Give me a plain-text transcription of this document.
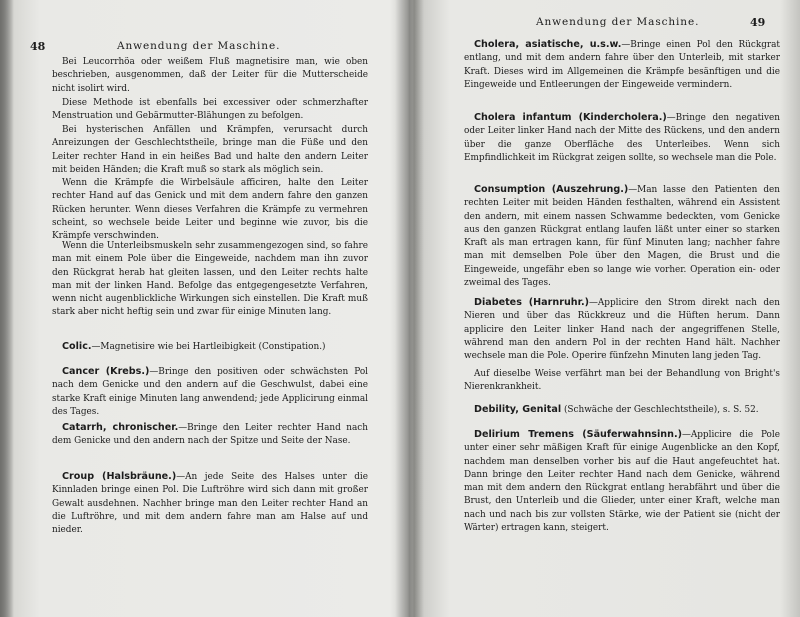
48	Anwendung der Maschine.
Bei Leucorrhöa oder weißem Fluß magnetisire man, wie oben beschrieben, ausgenommen, daß der Leiter für die Mutterscheide nicht isolirt wird.
Diese Methode ist ebenfalls bei excessiver oder schmerzhafter Menstruation und Gebärmutter-Blähungen zu befolgen.
Bei hysterischen Anfällen und Krämpfen, verursacht durch Anreizungen der Geschlechtstheile, bringe man die Füße und den Leiter rechter Hand in ein heißes Bad und halte den andern Leiter mit beiden Händen; die Kraft muß so stark als möglich sein.
Wenn die Krämpfe die Wirbelsäule afficiren, halte den Leiter rechter Hand auf das Genick und mit dem andern fahre den ganzen Rücken herunter. Wenn dieses Verfahren die Krämpfe zu vermehren scheint, so wechsele beide Leiter und beginne wie zuvor, bis die Krämpfe verschwinden.
Wenn die Unterleibsmuskeln sehr zusammengezogen sind, so fahre man mit einem Pole über die Eingeweide, nachdem man ihn zuvor den Rückgrat herab hat gleiten lassen, und den Leiter rechts halte man mit der linken Hand. Befolge das entgegengesetzte Verfahren, wenn nicht augenblickliche Wirkungen sich einstellen. Die Kraft muß stark aber nicht heftig sein und zwar für einige Minuten lang.
Colic.—Magnetisire wie bei Hartleibigkeit (Constipation.)
Cancer (Krebs.)—Bringe den positiven oder schwächsten Pol nach dem Genicke und den andern auf die Geschwulst, dabei eine starke Kraft einige Minuten lang anwendend; jede Applicirung einmal des Tages.
Catarrh, chronischer.—Bringe den Leiter rechter Hand nach dem Genicke und den andern nach der Spitze und Seite der Nase.
Croup (Halsbräune.)—An jede Seite des Halses unter die Kinnladen bringe einen Pol. Die Luftröhre wird sich dann mit großer Gewalt ausdehnen. Nachher bringe man den Leiter rechter Hand an die Luftröhre, und mit dem andern fahre man am Halse auf und nieder.
Anwendung der Maschine.	49
Cholera, asiatische, u.s.w.—Bringe einen Pol den Rückgrat entlang, und mit dem andern fahre über den Unterleib, mit starker Kraft. Dieses wird im Allgemeinen die Krämpfe besänftigen und die Eingeweide und Entleerungen der Eingeweide vermindern.
Cholera infantum (Kindercholera.)—Bringe den negativen oder Leiter linker Hand nach der Mitte des Rückens, und den andern über die ganze Oberfläche des Unterleibes. Wenn sich Empfindlichkeit im Rückgrat zeigen sollte, so wechsele man die Pole.
Consumption (Auszehrung.)—Man lasse den Patienten den rechten Leiter mit beiden Händen festhalten, während ein Assistent den andern, mit einem nassen Schwamme bedeckten, vom Genicke aus den ganzen Rückgrat entlang laufen läßt unter einer so starken Kraft als man ertragen kann, für fünf Minuten lang; nachher fahre man mit demselben Pole über den Magen, die Brust und die Eingeweide, ungefähr eben so lange wie vorher. Operation ein- oder zweimal des Tages.
Diabetes (Harnruhr.)—Applicire den Strom direkt nach den Nieren und über das Rückkreuz und die Hüften herum. Dann applicire den Leiter linker Hand nach der angegriffenen Stelle, während man den andern Pol in der rechten Hand hält. Nachher wechsele man die Pole. Operire fünfzehn Minuten lang jeden Tag.
Auf dieselbe Weise verfährt man bei der Behandlung von Bright's Nierenkrankheit.
Debility, Genital (Schwäche der Geschlechtstheile), s. S. 52.
Delirium Tremens (Säuferwahnsinn.)—Applicire die Pole unter einer sehr mäßigen Kraft für einige Augenblicke an den Kopf, nachdem man denselben vorher bis auf die Haut angefeuchtet hat. Dann bringe den Leiter rechter Hand nach dem Genicke, während man mit dem andern den Rückgrat entlang herabfährt und über die Brust, den Unterleib und die Glieder, unter einer Kraft, welche man nach und nach bis zur vollsten Stärke, wie der Patient sie (nicht der Wärter) ertragen kann, steigert.
